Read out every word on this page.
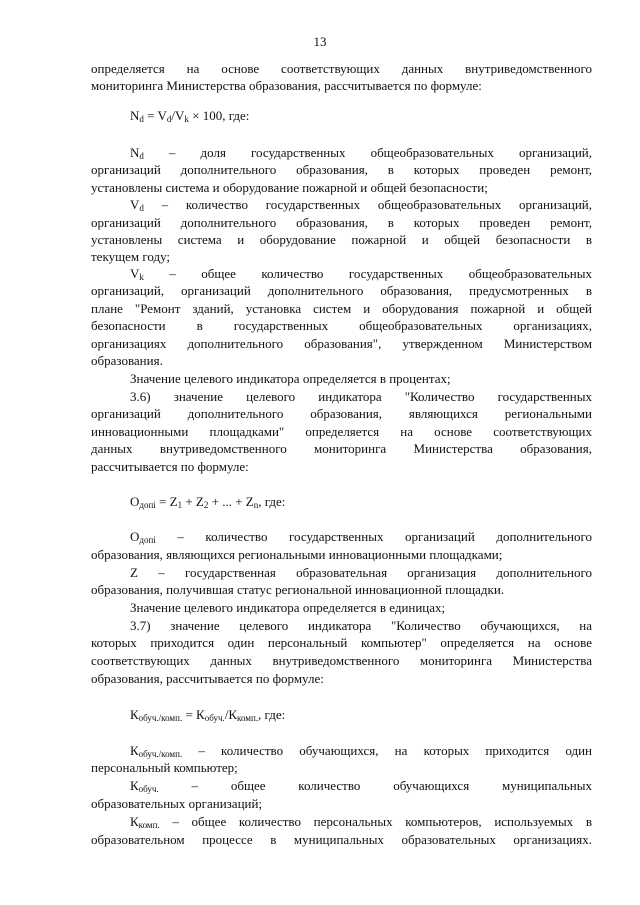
13
определяется на основе соответствующих данных внутриведомственного
мониторинга Министерства образования, рассчитывается по формуле:
$N_d = V_d/V_k \times 100$, где:
$N_d$ – доля государственных общеобразовательных организаций,
организаций дополнительного образования, в которых проведен ремонт,
установлены система и оборудование пожарной и общей безопасности;
$V_d$ – количество государственных общеобразовательных организаций,
организаций дополнительного образования, в которых проведен ремонт,
установлены система и оборудование пожарной и общей безопасности в
текущем году;
$V_k$ – общее количество государственных общеобразовательных
организаций, организаций дополнительного образования, предусмотренных в
плане "Ремонт зданий, установка систем и оборудования пожарной и общей
безопасности в государственных общеобразовательных организациях,
организациях дополнительного образования", утвержденном Министерством
образования.
Значение целевого индикатора определяется в процентах;
3.6) значение целевого индикатора "Количество государственных
организаций дополнительного образования, являющихся региональными
инновационными площадками" определяется на основе соответствующих
данных внутриведомственного мониторинга Министерства образования,
рассчитывается по формуле:
$О_{допі} = Z_1 + Z_2$ + ... + $Z_n$, где:
$О_{допі}$ – количество государственных организаций дополнительного
образования, являющихся региональными инновационными площадками;
Z – государственная образовательная организация дополнительного
образования, получившая статус региональной инновационной площадки.
Значение целевого индикатора определяется в единицах;
3.7) значение целевого индикатора "Количество обучающихся, на
которых приходится один персональный компьютер" определяется на основе
соответствующих данных внутриведомственного мониторинга Министерства
образования, рассчитывается по формуле:
$К_{обуч./комп.} = К_{обуч.}/К_{комп.}$, где:
$К_{обуч./комп.}$ – количество обучающихся, на которых приходится один
персональный компьютер;
$К_{обуч.}$ – общее количество обучающихся муниципальных
образовательных организаций;
$К_{комп.}$ – общее количество персональных компьютеров, используемых в
образовательном процессе в муниципальных образовательных организациях.
